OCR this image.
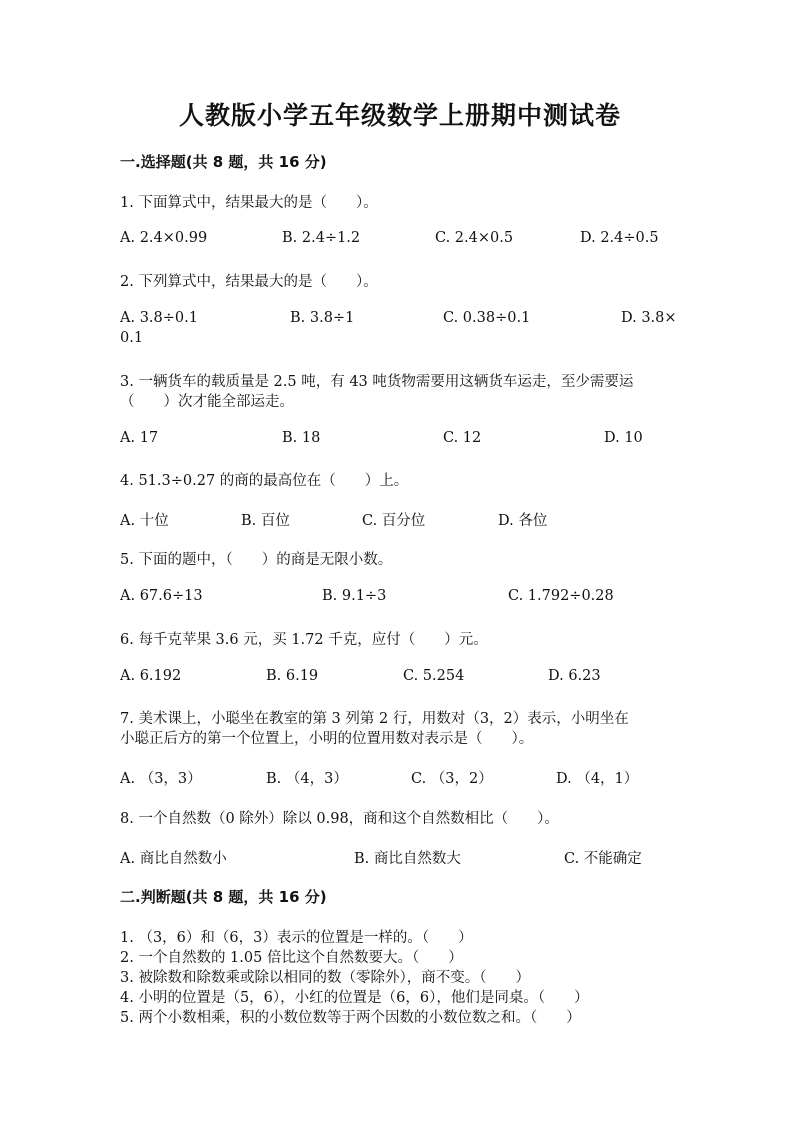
人教版小学五年级数学上册期中测试卷
一.选择题(共 8 题，共 16 分)
1. 下面算式中，结果最大的是（　　）。
A. 2.4×0.99	B. 2.4÷1.2	C. 2.4×0.5	D. 2.4÷0.5
2. 下列算式中，结果最大的是（　　）。
A. 3.8÷0.1	B. 3.8÷1	C. 0.38÷0.1	D. 3.8×
0.1
3. 一辆货车的载质量是 2.5 吨，有 43 吨货物需要用这辆货车运走，至少需要运
（　　）次才能全部运走。
A. 17	B. 18	C. 12	D. 10
4. 51.3÷0.27 的商的最高位在（　　）上。
A. 十位	B. 百位	C. 百分位	D. 各位
5. 下面的题中，（　　）的商是无限小数。
A. 67.6÷13	B. 9.1÷3	C. 1.792÷0.28
6. 每千克苹果 3.6 元，买 1.72 千克，应付（　　）元。
A. 6.192	B. 6.19	C. 5.254	D. 6.23
7. 美术课上，小聪坐在教室的第 3 列第 2 行，用数对（3，2）表示，小明坐在
小聪正后方的第一个位置上，小明的位置用数对表示是（　　）。
A. （3，3）	B. （4，3）	C. （3，2）	D. （4，1）
8. 一个自然数（0 除外）除以 0.98，商和这个自然数相比（　　）。
A. 商比自然数小	B. 商比自然数大	C. 不能确定
二.判断题(共 8 题，共 16 分)
1. （3，6）和（6，3）表示的位置是一样的。（　　）
2. 一个自然数的 1.05 倍比这个自然数要大。（　　）
3. 被除数和除数乘或除以相同的数（零除外），商不变。（　　）
4. 小明的位置是（5，6），小红的位置是（6，6），他们是同桌。（　　）
5. 两个小数相乘，积的小数位数等于两个因数的小数位数之和。（　　）
